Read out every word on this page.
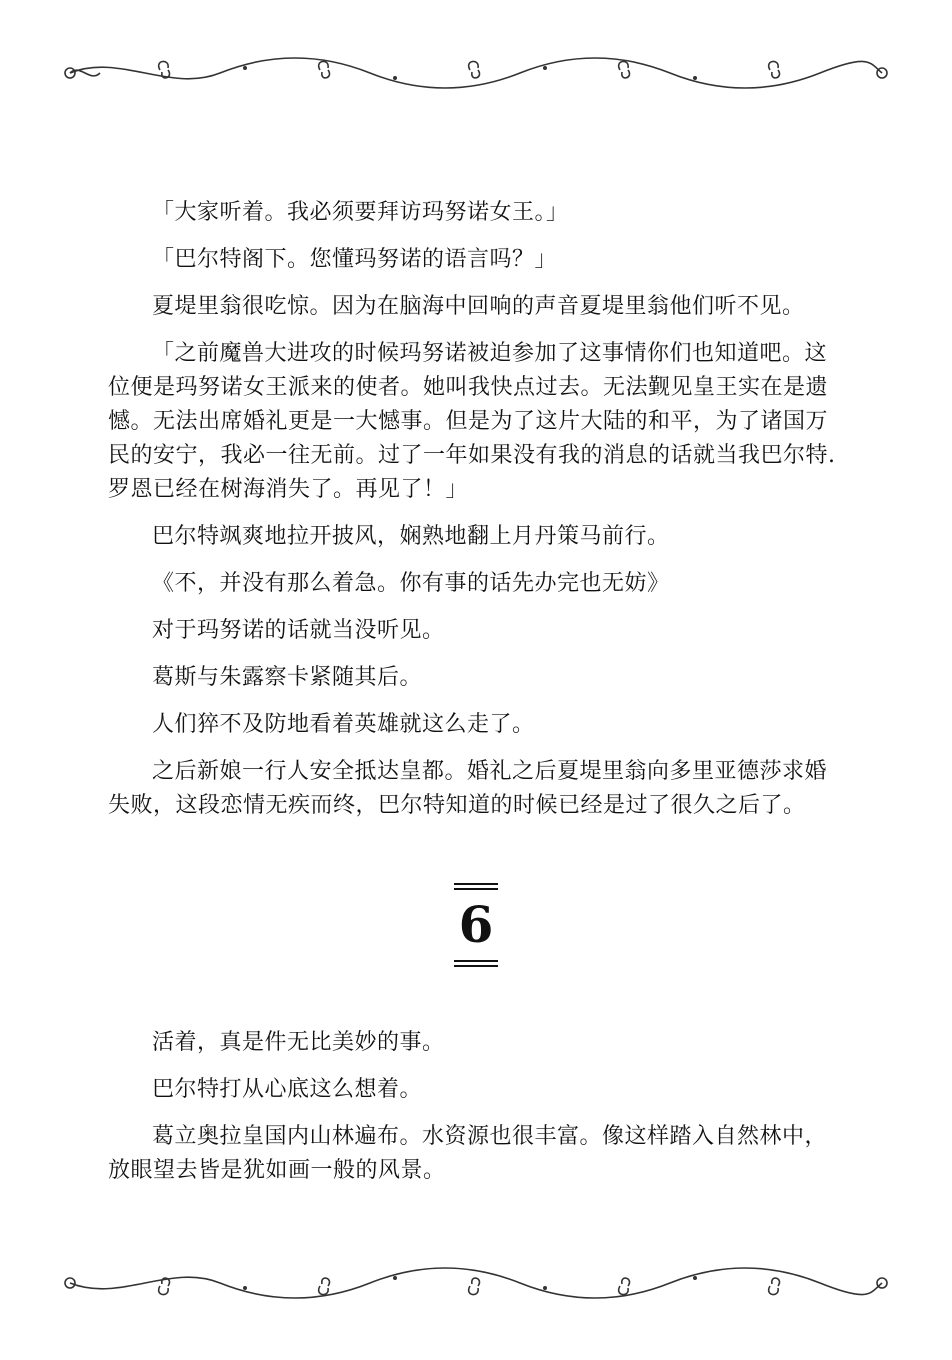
「大家听着。我必须要拜访玛努诺女王。」

「巴尔特阁下。您懂玛努诺的语言吗？」

夏堤里翁很吃惊。因为在脑海中回响的声音夏堤里翁他们听不见。

「之前魔兽大进攻的时候玛努诺被迫参加了这事情你们也知道吧。这位便是玛努诺女王派来的使者。她叫我快点过去。无法觐见皇王实在是遗憾。无法出席婚礼更是一大憾事。但是为了这片大陆的和平，为了诸国万民的安宁，我必一往无前。过了一年如果没有我的消息的话就当我巴尔特.罗恩已经在树海消失了。再见了！」

巴尔特飒爽地拉开披风，娴熟地翻上月丹策马前行。

《不，并没有那么着急。你有事的话先办完也无妨》

对于玛努诺的话就当没听见。

葛斯与朱露察卡紧随其后。

人们猝不及防地看着英雄就这么走了。

之后新娘一行人安全抵达皇都。婚礼之后夏堤里翁向多里亚德莎求婚失败，这段恋情无疾而终，巴尔特知道的时候已经是过了很久之后了。

6

活着，真是件无比美妙的事。

巴尔特打从心底这么想着。

葛立奥拉皇国内山林遍布。水资源也很丰富。像这样踏入自然林中，放眼望去皆是犹如画一般的风景。
